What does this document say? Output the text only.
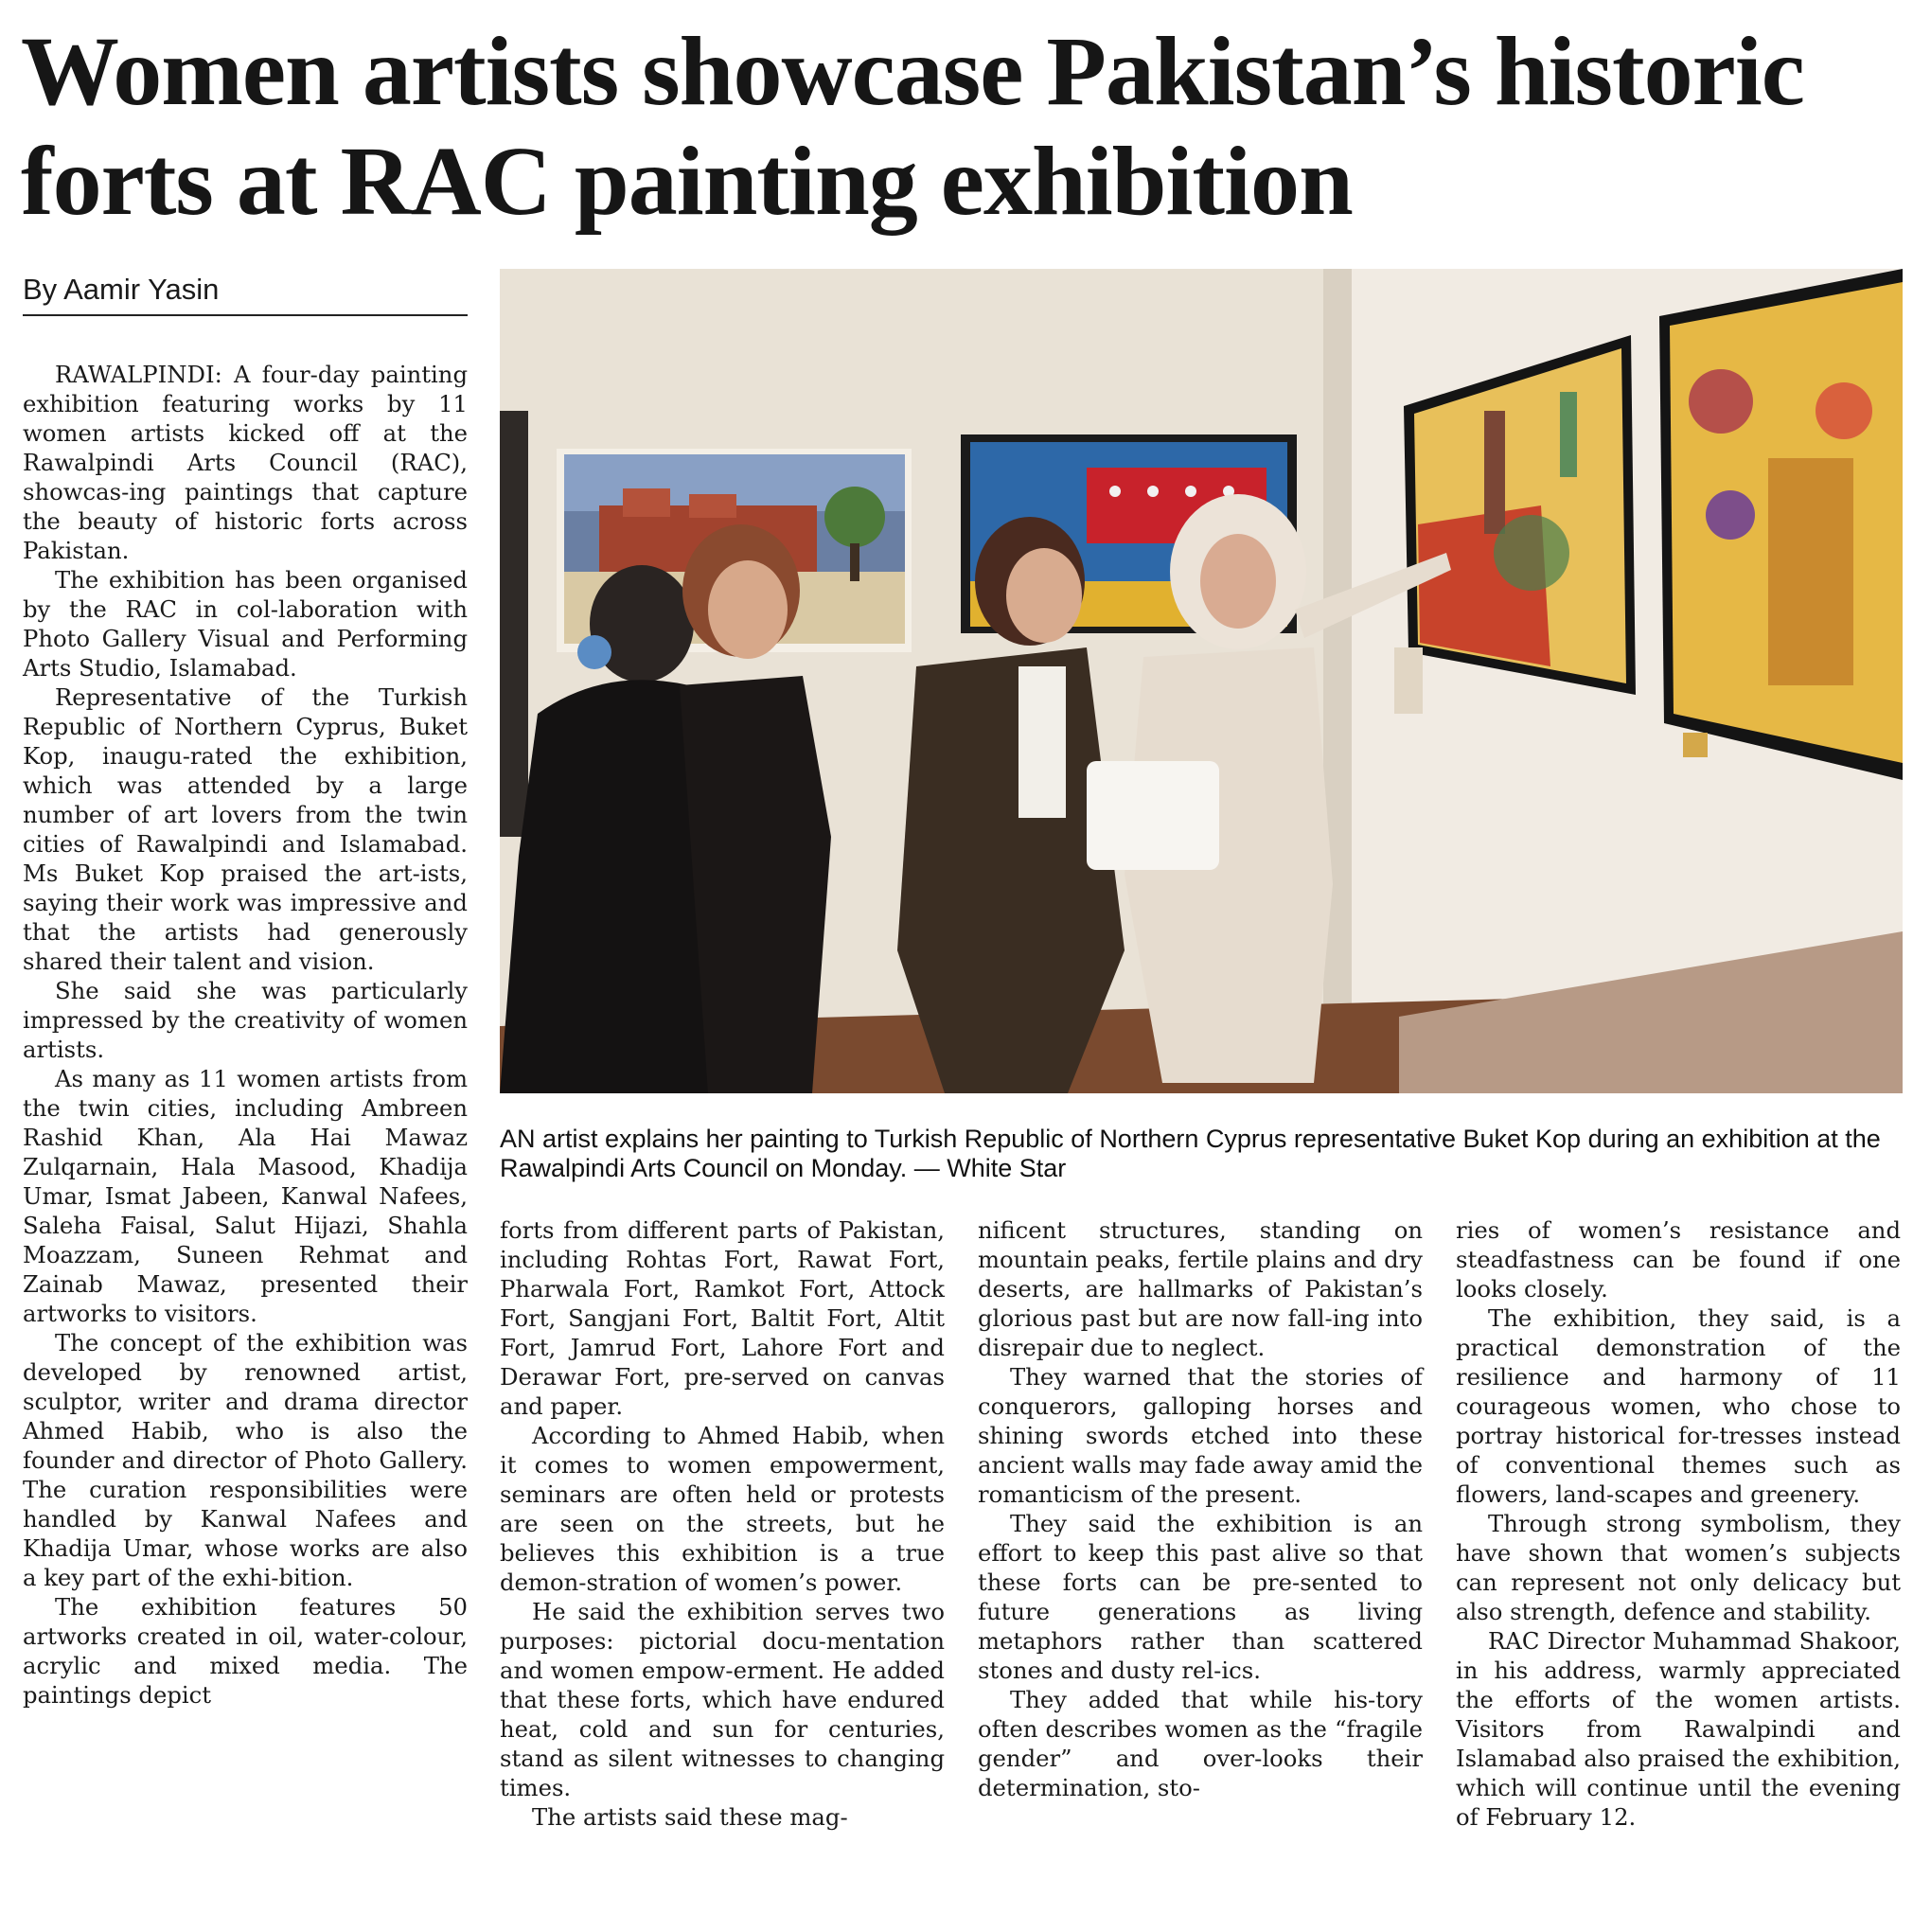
Women artists showcase Pakistan’s historic forts at RAC painting exhibition
By Aamir Yasin
AN artist explains her painting to Turkish Republic of Northern Cyprus representative Buket Kop during an exhibition at the Rawalpindi Arts Council on Monday. — White Star

RAWALPINDI: A four-day painting exhibition featuring works by 11 women artists kicked off at the Rawalpindi Arts Council (RAC), showcas-ing paintings that capture the beauty of historic forts across Pakistan.

The exhibition has been organised by the RAC in col-laboration with Photo Gallery Visual and Performing Arts Studio, Islamabad.

Representative of the Turkish Republic of Northern Cyprus, Buket Kop, inaugu-rated the exhibition, which was attended by a large number of art lovers from the twin cities of Rawalpindi and Islamabad. Ms Buket Kop praised the art-ists, saying their work was impressive and that the artists had generously shared their talent and vision.

She said she was particularly impressed by the creativity of women artists.

As many as 11 women artists from the twin cities, including Ambreen Rashid Khan, Ala Hai Mawaz Zulqarnain, Hala Masood, Khadija Umar, Ismat Jabeen, Kanwal Nafees, Saleha Faisal, Salut Hijazi, Shahla Moazzam, Suneen Rehmat and Zainab Mawaz, presented their artworks to visitors.

The concept of the exhibition was developed by renowned artist, sculptor, writer and drama director Ahmed Habib, who is also the founder and director of Photo Gallery. The curation responsibilities were handled by Kanwal Nafees and Khadija Umar, whose works are also a key part of the exhi-bition.

The exhibition features 50 artworks created in oil, water-colour, acrylic and mixed media. The paintings depict

forts from different parts of Pakistan, including Rohtas Fort, Rawat Fort, Pharwala Fort, Ramkot Fort, Attock Fort, Sangjani Fort, Baltit Fort, Altit Fort, Jamrud Fort, Lahore Fort and Derawar Fort, pre-served on canvas and paper.

According to Ahmed Habib, when it comes to women empowerment, seminars are often held or protests are seen on the streets, but he believes this exhibition is a true demon-stration of women’s power.

He said the exhibition serves two purposes: pictorial docu-mentation and women empow-erment. He added that these forts, which have endured heat, cold and sun for centuries, stand as silent witnesses to changing times.

The artists said these mag-

nificent structures, standing on mountain peaks, fertile plains and dry deserts, are hallmarks of Pakistan’s glorious past but are now fall-ing into disrepair due to neglect.

They warned that the stories of conquerors, galloping horses and shining swords etched into these ancient walls may fade away amid the romanticism of the present.

They said the exhibition is an effort to keep this past alive so that these forts can be pre-sented to future generations as living metaphors rather than scattered stones and dusty rel-ics.

They added that while his-tory often describes women as the “fragile gender” and over-looks their determination, sto-

ries of women’s resistance and steadfastness can be found if one looks closely.

The exhibition, they said, is a practical demonstration of the resilience and harmony of 11 courageous women, who chose to portray historical for-tresses instead of conventional themes such as flowers, land-scapes and greenery.

Through strong symbolism, they have shown that women’s subjects can represent not only delicacy but also strength, defence and stability.

RAC Director Muhammad Shakoor, in his address, warmly appreciated the efforts of the women artists. Visitors from Rawalpindi and Islamabad also praised the exhibition, which will continue until the evening of February 12.
